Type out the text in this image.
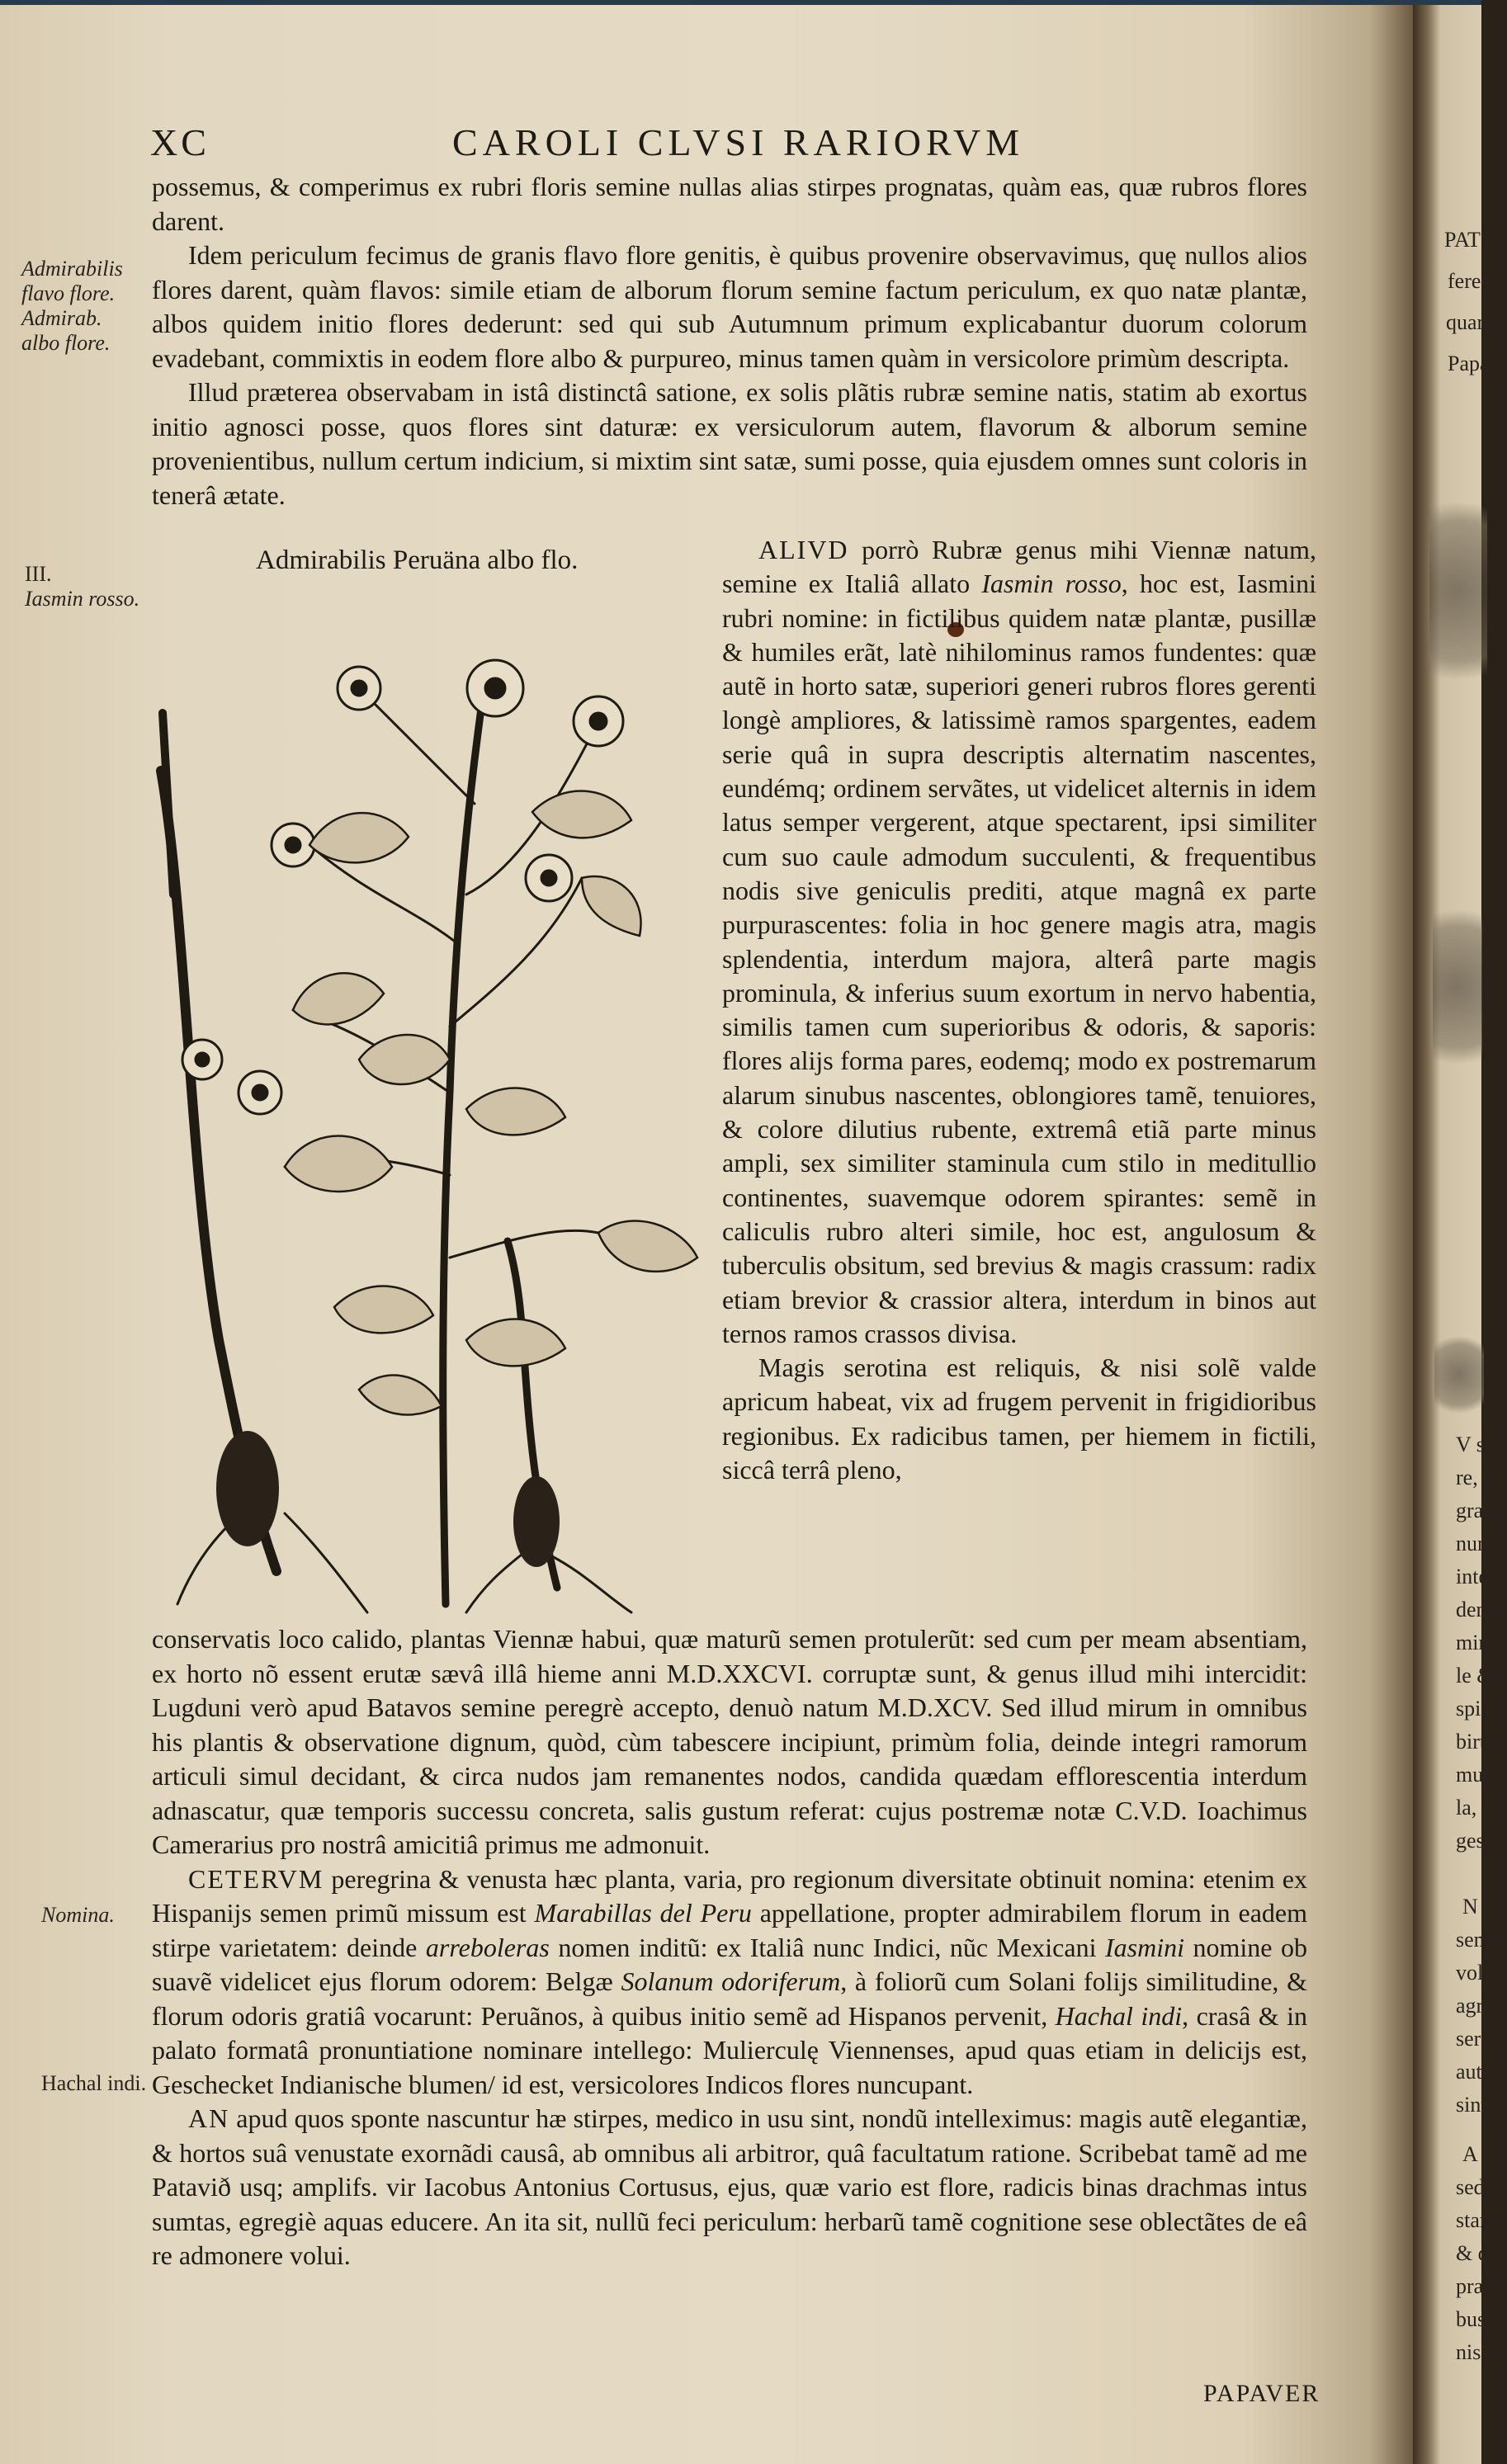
XC	CAROLI CLVSI RARIORVM
Admirabilis
flavo flore.
Admirab.
albo flore.
III.
Iasmin rosso.
Nomina.
Hachal indi.

possemus, & comperimus ex rubri floris semine nullas alias stirpes prognatas, quàm eas, quæ rubros flores darent.

Idem periculum fecimus de granis flavo flore genitis, è quibus provenire observavimus, quę nullos alios flores darent, quàm flavos: simile etiam de alborum florum semine factum periculum, ex quo natæ plantæ, albos quidem initio flores dederunt: sed qui sub Autumnum primum explicabantur duorum colorum evadebant, commixtis in eodem flore albo & purpureo, minus tamen quàm in versicolore primùm descripta.

Illud præterea observabam in istâ distinctâ satione, ex solis plãtis rubræ semine natis, statim ab exortus initio agnosci posse, quos flores sint daturæ: ex versiculorum autem, flavorum & alborum semine provenientibus, nullum certum indicium, si mixtim sint satæ, sumi posse, quia ejusdem omnes sunt coloris in tenerâ ætate.

Admirabilis Peruäna albo flo.	ALIVD porrò Rubræ genus mihi Viennæ natum, semine ex Italiâ allato Iasmin rosso, hoc est, Iasmini rubri nomine: in fictilibus quidem natæ plantæ, pusillæ & humiles erãt, latè nihilominus ramos fundentes: quæ autẽ in horto satæ, superiori generi rubros flores gerenti longè ampliores, & latissimè ramos spargentes, eadem serie quâ in supra descriptis alternatim nascentes, eundémq; ordinem servãtes, ut videlicet alternis in idem latus semper vergerent, atque spectarent, ipsi similiter cum suo caule admodum succulenti, & frequentibus nodis sive geniculis prediti, atque magnâ ex parte purpurascentes: folia in hoc genere magis atra, magis splendentia, interdum majora, alterâ parte magis prominula, & inferius suum exortum in nervo habentia, similis tamen cum superioribus & odoris, & saporis: flores alijs forma pares, eodemq; modo ex postremarum alarum sinubus nascentes, oblongiores tamẽ, tenuiores, & colore dilutius rubente, extremâ etiã parte minus ampli, sex similiter staminula cum stilo in meditullio continentes, suavemque odorem spirantes: semẽ in caliculis rubro alteri simile, hoc est, angulosum & tuberculis obsitum, sed brevius & magis crassum: radix etiam brevior & crassior altera, interdum in binos aut ternos ramos crassos divisa.

Magis serotina est reliquis, & nisi solẽ valde apricum habeat, vix ad frugem pervenit in frigidioribus regionibus. Ex radicibus tamen, per hiemem in fictili, siccâ terrâ pleno,

conservatis loco calido, plantas Viennæ habui, quæ maturũ semen protulerũt: sed cum per meam absentiam, ex horto nõ essent erutæ sævâ illâ hieme anni M.D.XXCVI. corruptæ sunt, & genus illud mihi intercidit: Lugduni verò apud Batavos semine peregrè accepto, denuò natum M.D.XCV. Sed illud mirum in omnibus his plantis & observatione dignum, quòd, cùm tabescere incipiunt, primùm folia, deinde integri ramorum articuli simul decidant, & circa nudos jam remanentes nodos, candida quædam efflorescentia interdum adnascatur, quæ temporis successu concreta, salis gustum referat: cujus postremæ notæ C.V.D. Ioachimus Camerarius pro nostrâ amicitiâ primus me admonuit.

CETERVM peregrina & venusta hæc planta, varia, pro regionum diversitate obtinuit nomina: etenim ex Hispanijs semen primũ missum est Marabillas del Peru appellatione, propter admirabilem florum in eadem stirpe varietatem: deinde arreboleras nomen inditũ: ex Italiâ nunc Indici, nũc Mexicani Iasmini nomine ob suavẽ videlicet ejus florum odorem: Belgæ Solanum odoriferum, à foliorũ cum Solani folijs similitudine, & florum odoris gratiâ vocarunt: Peruãnos, à quibus initio semẽ ad Hispanos pervenit, Hachal indi, crasâ & in palato formatâ pronuntiatione nominare intellego: Mulierculę Viennenses, apud quas etiam in delicijs est, Geschecket Indianische blumen/ id est, versicolores Indicos flores nuncupant.

AN apud quos sponte nascuntur hæ stirpes, medico in usu sint, nondũ intelleximus: magis autẽ elegantiæ, & hortos suâ venustate exornãdi causâ, ab omnibus ali arbitror, quâ facultatum ratione. Scribebat tamẽ ad me Patavið usq; amplifs. vir Iacobus Antonius Cortusus, ejus, quæ vario est flore, radicis binas drachmas intus sumtas, egregiè aquas educere. An ita sit, nullũ feci periculum: herbarũ tamẽ cognitione sese oblectãtes de eâ re admonere volui.

PAPAVER
PAT
fere
quame
Papa
V s
re, no
gracil
num
interc
dentil
mirun
le & f
spicat
birtio
mu
la,
gesi
N
seme
volu
agro
sere
aute
sint
A
sed
stans
& qu
prædi
bus c
nis, s
